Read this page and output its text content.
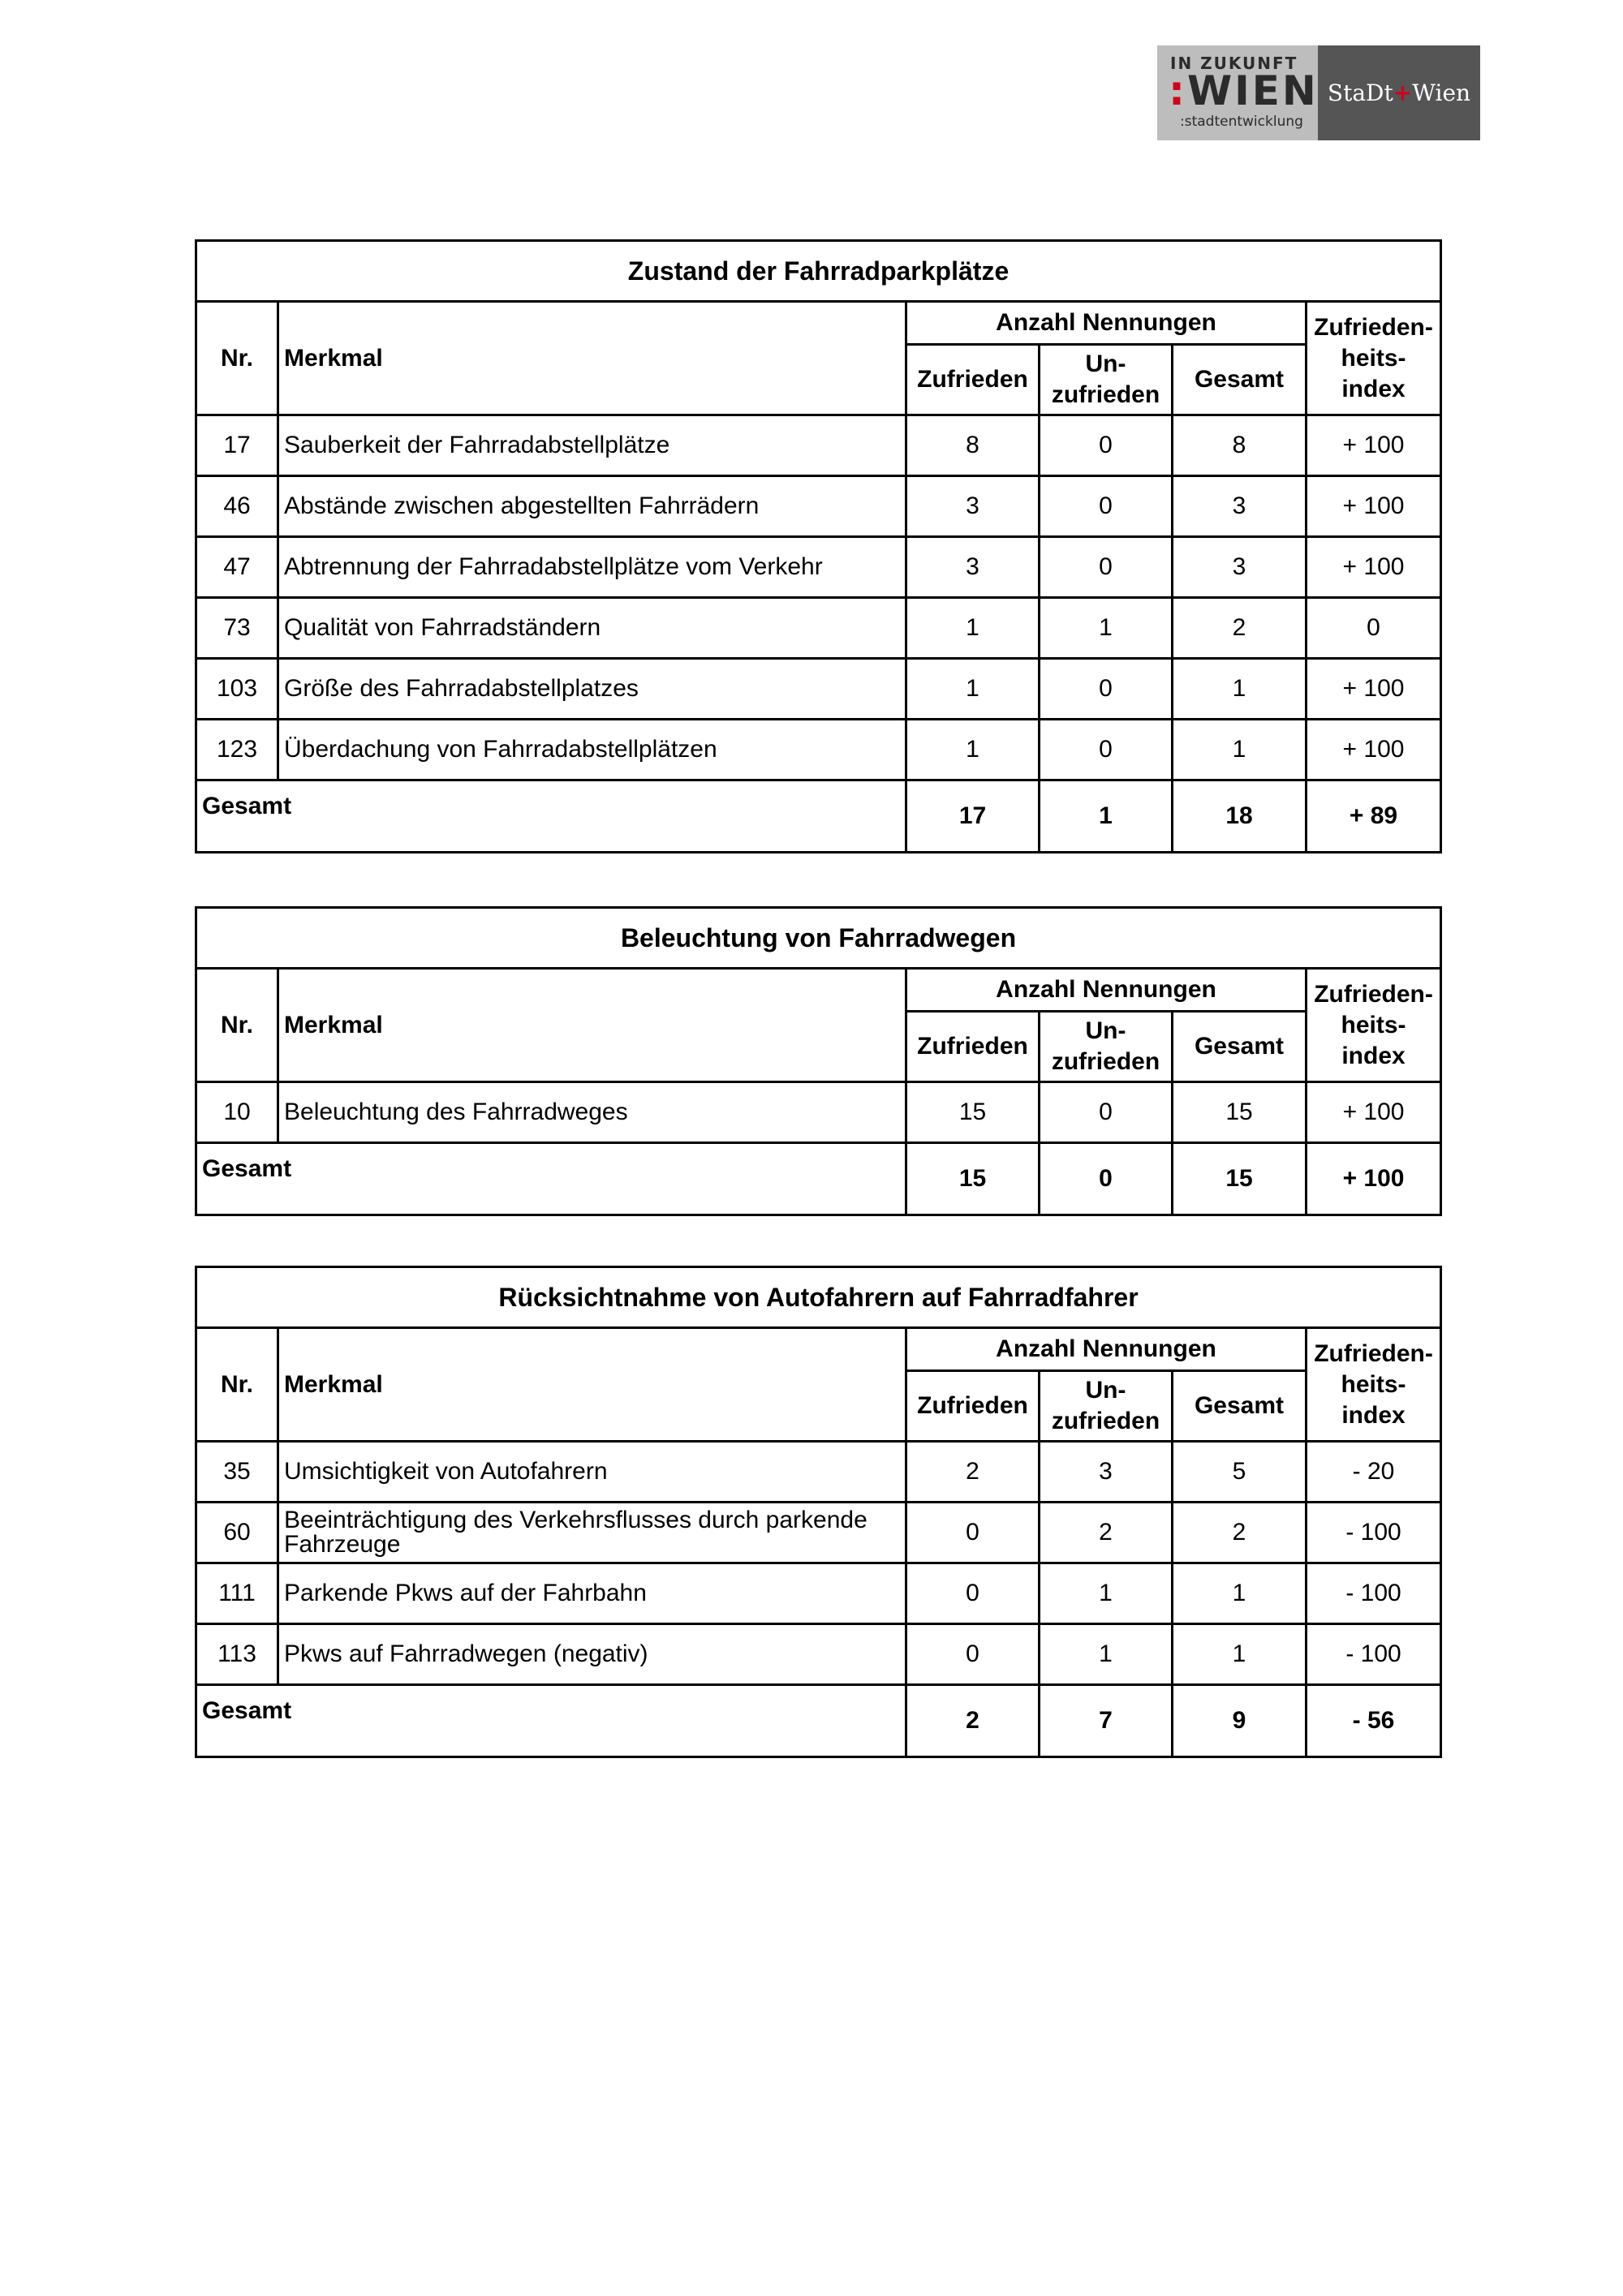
IN ZUKUNFT
:WIEN
:stadtentwicklung
StaDt+Wien
Zustand der Fahrradparkplätze					
Nr.	Merkmal	Anzahl Nennungen			Zufrieden-
heits-
index
		Zufrieden	Un-
zufrieden	Gesamt	
17	Sauberkeit der Fahrradabstellplätze	8	0	8	+ 100
46	Abstände zwischen abgestellten Fahrrädern	3	0	3	+ 100
47	Abtrennung der Fahrradabstellplätze vom Verkehr	3	0	3	+ 100
73	Qualität von Fahrradständern	1	1	2	0
103	Größe des Fahrradabstellplatzes	1	0	1	+ 100
123	Überdachung von Fahrradabstellplätzen	1	0	1	+ 100
Gesamt		17	1	18	+ 89
Beleuchtung von Fahrradwegen					
Nr.	Merkmal	Anzahl Nennungen			Zufrieden-
heits-
index
		Zufrieden	Un-
zufrieden	Gesamt	
10	Beleuchtung des Fahrradweges	15	0	15	+ 100
Gesamt		15	0	15	+ 100
Rücksichtnahme von Autofahrern auf Fahrradfahrer					
Nr.	Merkmal	Anzahl Nennungen			Zufrieden-
heits-
index
		Zufrieden	Un-
zufrieden	Gesamt	
35	Umsichtigkeit von Autofahrern	2	3	5	- 20
60	Beeinträchtigung des Verkehrsflusses durch parkende Fahrzeuge	0	2	2	- 100
111	Parkende Pkws auf der Fahrbahn	0	1	1	- 100
113	Pkws auf Fahrradwegen (negativ)	0	1	1	- 100
Gesamt		2	7	9	- 56
